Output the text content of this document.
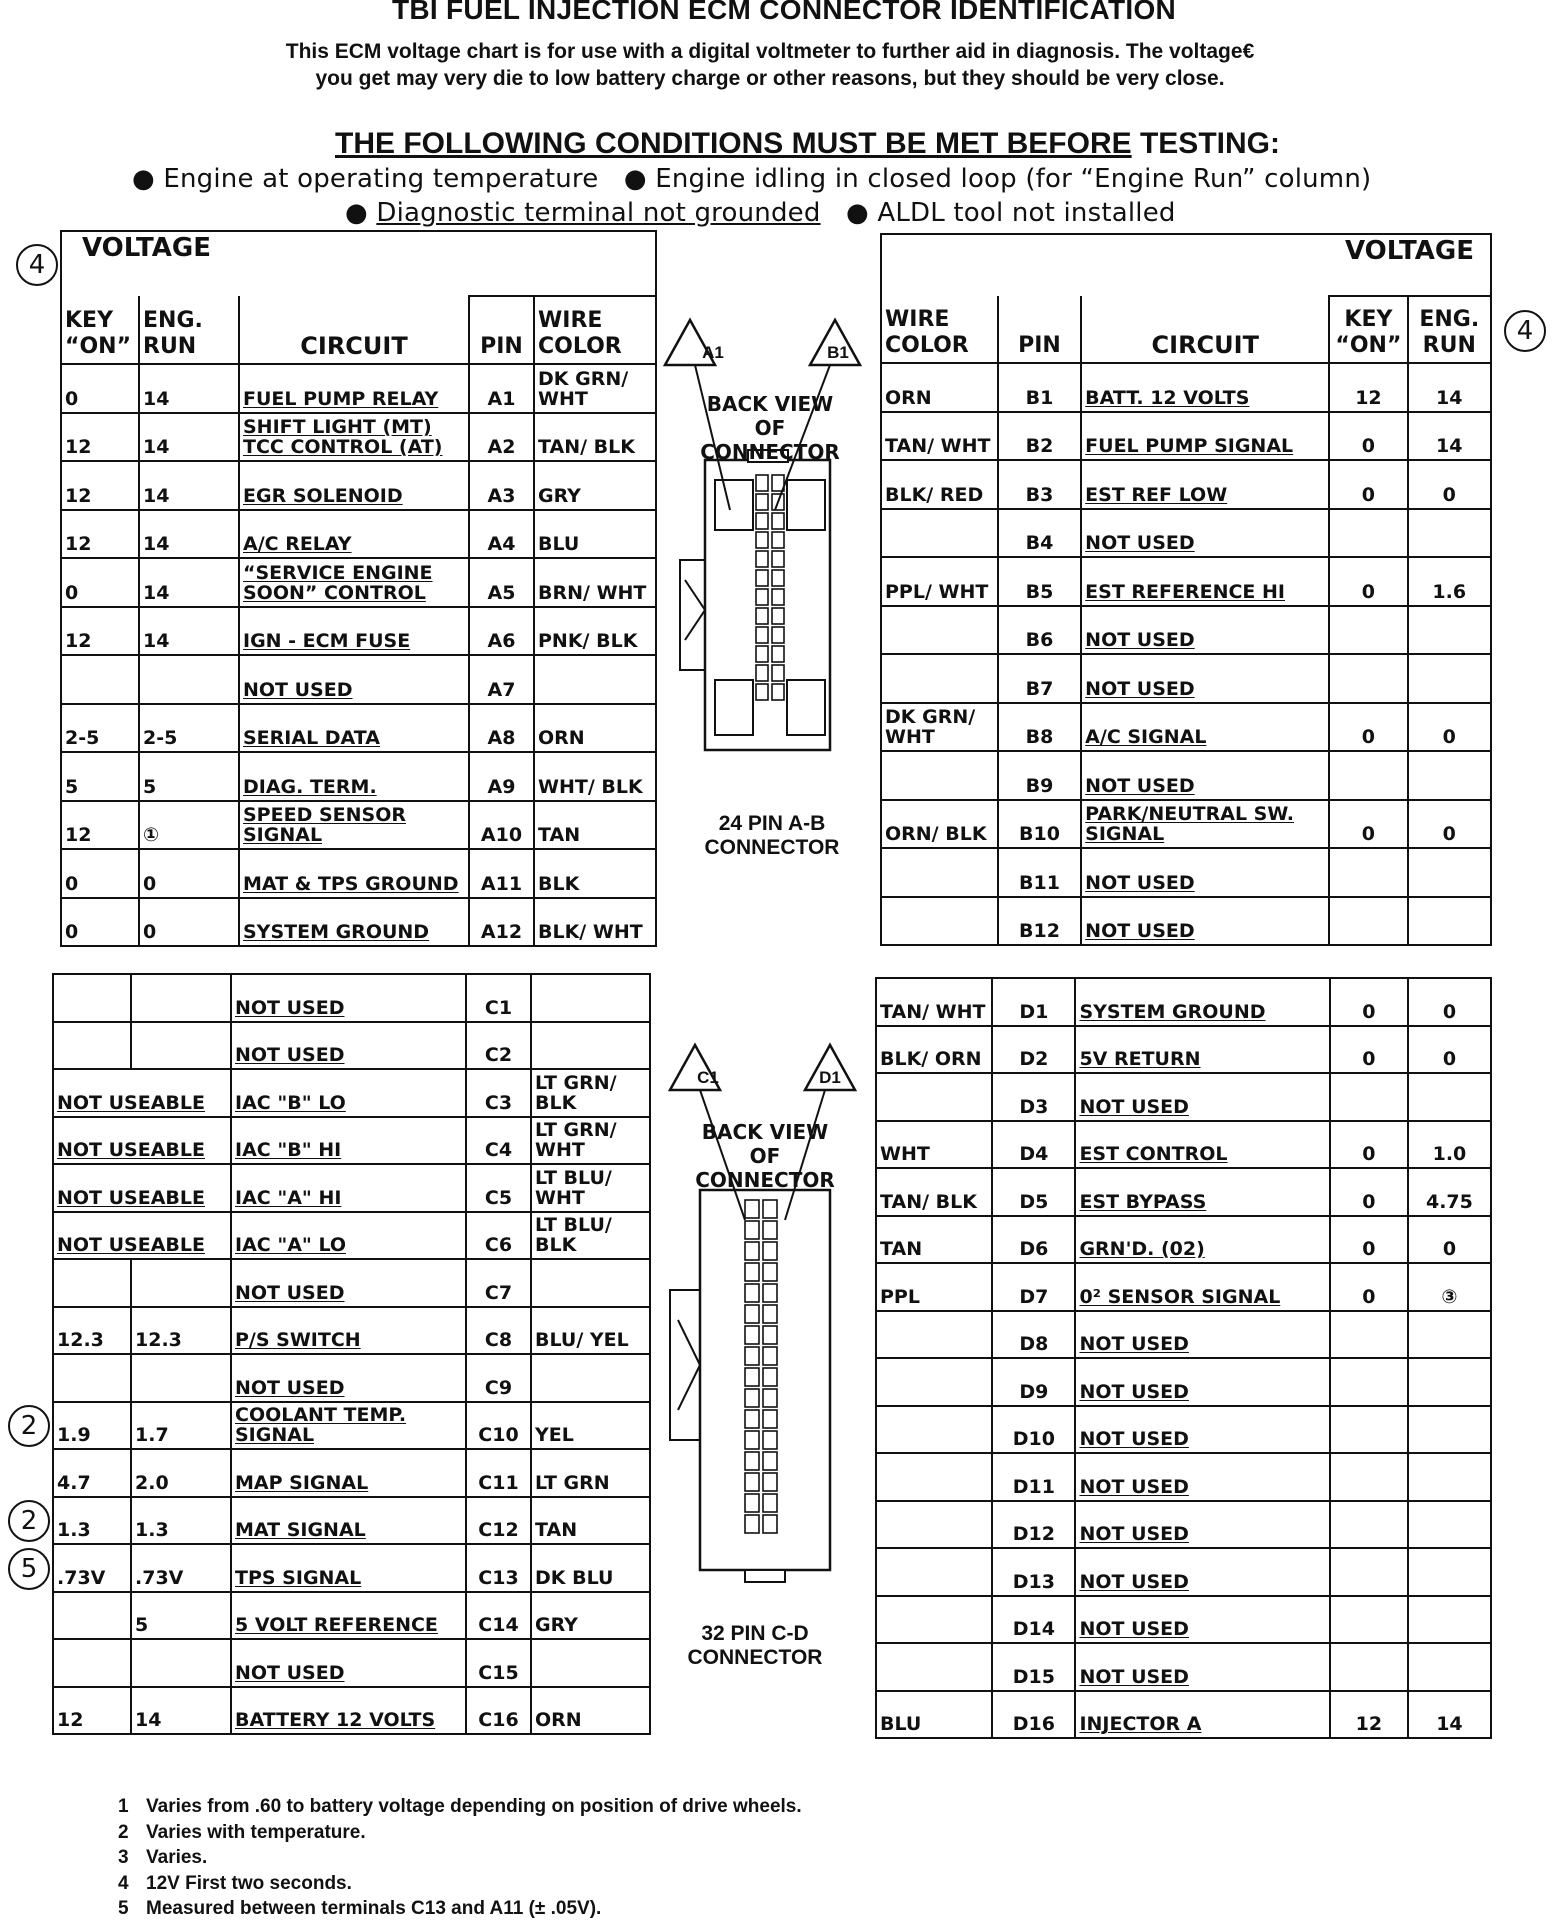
TBI FUEL INJECTION ECM CONNECTOR IDENTIFICATION
This ECM voltage chart is for use with a digital voltmeter to further aid in diagnosis. The voltage€
you get may very die to low battery charge or other reasons, but they should be very close.
THE FOLLOWING CONDITIONS MUST BE MET BEFORE TESTING:
● Engine at operating temperature ● Engine idling in closed loop (for “Engine Run” column)
● Diagnostic terminal not grounded ● ALDL tool not installed
VOLTAGE				
KEY “ON”	ENG. RUN	CIRCUIT	PIN	WIRE COLOR
0	14	FUEL PUMP RELAY	A1	DK GRN/ WHT
12	14	SHIFT LIGHT (MT) TCC CONTROL (AT)	A2	TAN/ BLK
12	14	EGR SOLENOID	A3	GRY
12	14	A/C RELAY	A4	BLU
0	14	“SERVICE ENGINE SOON” CONTROL	A5	BRN/ WHT
12	14	IGN - ECM FUSE	A6	PNK/ BLK
		NOT USED	A7	
2-5	2-5	SERIAL DATA	A8	ORN
5	5	DIAG. TERM.	A9	WHT/ BLK
12	①	SPEED SENSOR SIGNAL	A10	TAN
0	0	MAT & TPS GROUND	A11	BLK
0	0	SYSTEM GROUND	A12	BLK/ WHT
VOLTAGE				
WIRE COLOR	PIN	CIRCUIT	KEY “ON”	ENG. RUN
ORN	B1	BATT. 12 VOLTS	12	14
TAN/ WHT	B2	FUEL PUMP SIGNAL	0	14
BLK/ RED	B3	EST REF LOW	0	0
	B4	NOT USED		
PPL/ WHT	B5	EST REFERENCE HI	0	1.6
	B6	NOT USED		
	B7	NOT USED		
DK GRN/ WHT	B8	A/C SIGNAL	0	0
	B9	NOT USED		
ORN/ BLK	B10	PARK/NEUTRAL SW. SIGNAL	0	0
	B11	NOT USED		
	B12	NOT USED		
		NOT USED	C1	
		NOT USED	C2	
NOT USEABLE		IAC "B" LO	C3	LT GRN/ BLK
NOT USEABLE		IAC "B" HI	C4	LT GRN/ WHT
NOT USEABLE		IAC "A" HI	C5	LT BLU/ WHT
NOT USEABLE		IAC "A" LO	C6	LT BLU/ BLK
		NOT USED	C7	
12.3	12.3	P/S SWITCH	C8	BLU/ YEL
		NOT USED	C9	
1.9	1.7	COOLANT TEMP. SIGNAL	C10	YEL
4.7	2.0	MAP SIGNAL	C11	LT GRN
1.3	1.3	MAT SIGNAL	C12	TAN
.73V	.73V	TPS SIGNAL	C13	DK BLU
	5	5 VOLT REFERENCE	C14	GRY
		NOT USED	C15	
12	14	BATTERY 12 VOLTS	C16	ORN
TAN/ WHT	D1	SYSTEM GROUND	0	0
BLK/ ORN	D2	5V RETURN	0	0
	D3	NOT USED		
WHT	D4	EST CONTROL	0	1.0
TAN/ BLK	D5	EST BYPASS	0	4.75
TAN	D6	GRN'D. (02)	0	0
PPL	D7	0² SENSOR SIGNAL	0	③
	D8	NOT USED		
	D9	NOT USED		
	D10	NOT USED		
	D11	NOT USED		
	D12	NOT USED		
	D13	NOT USED		
	D14	NOT USED		
	D15	NOT USED		
BLU	D16	INJECTOR A	12	14
A1	B1
BACK VIEW OF CONNECTOR
24 PIN A-B CONNECTOR
C1	D1
BACK VIEW OF CONNECTOR
32 PIN C-D CONNECTOR
1 Varies from .60 to battery voltage depending on position of drive wheels.
2 Varies with temperature.
3 Varies.
4 12V First two seconds.
5 Measured between terminals C13 and A11 (± .05V).
4
4
2
2
5
